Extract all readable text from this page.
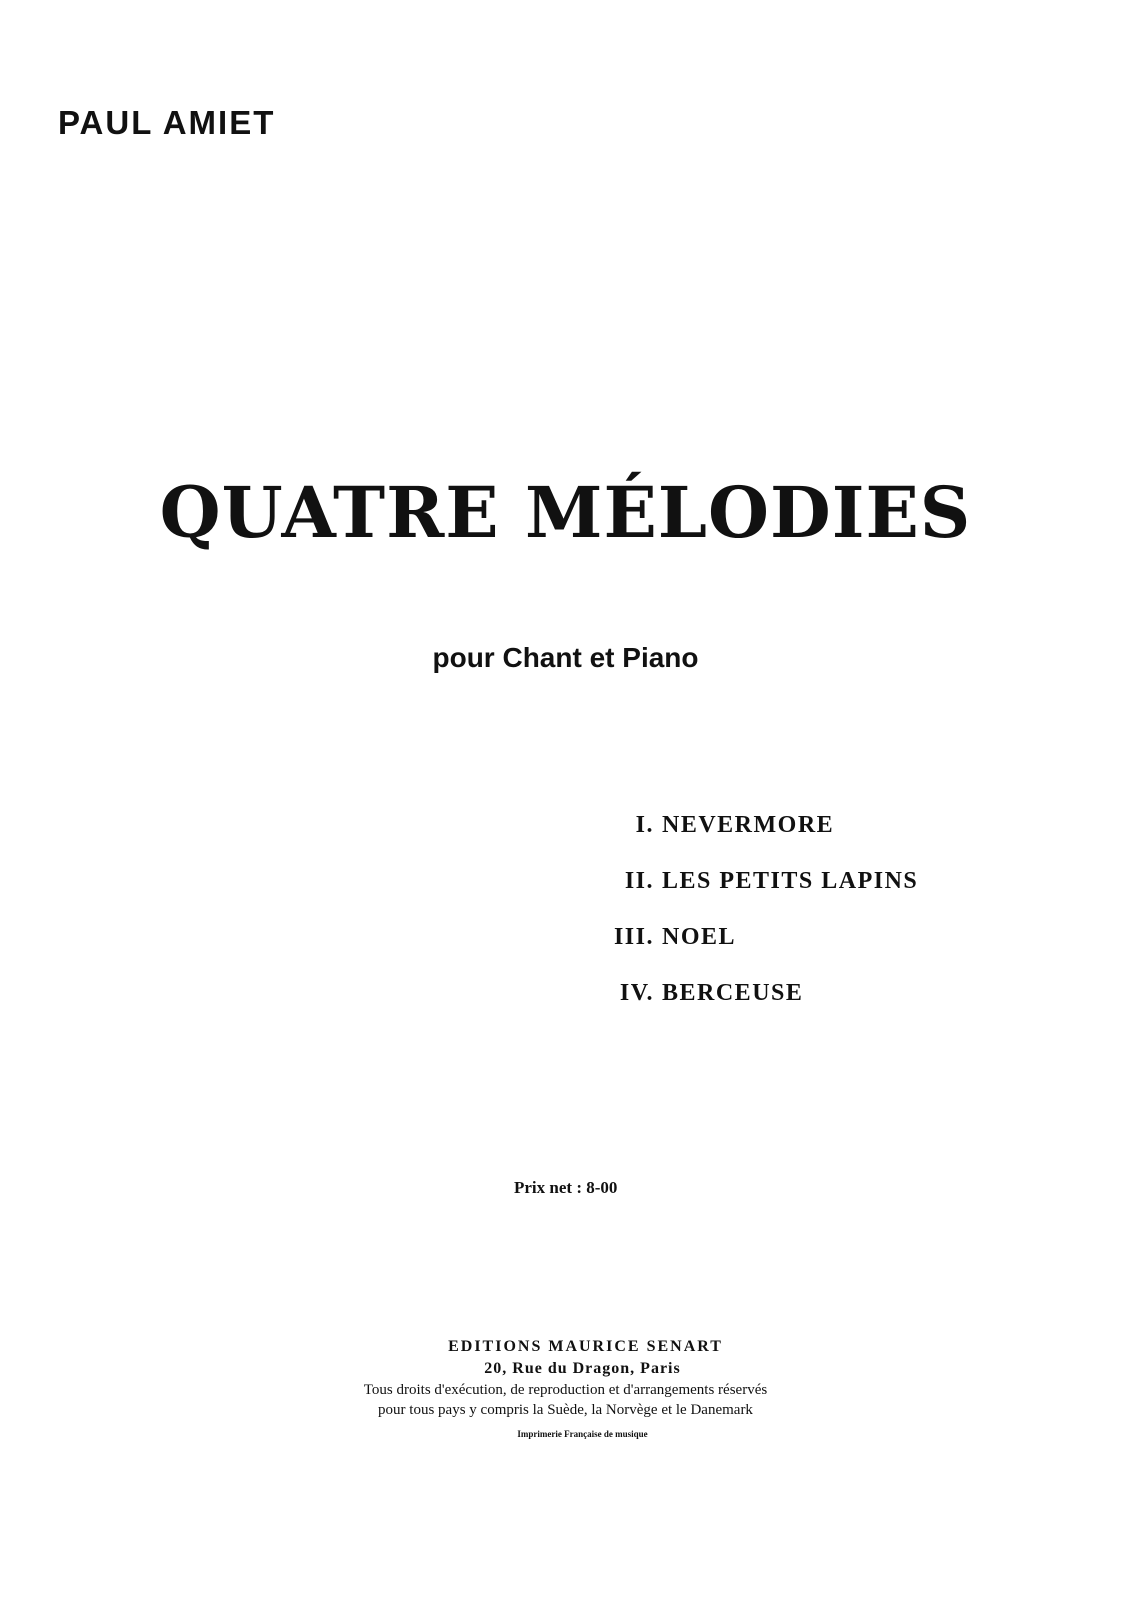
PAUL AMIET
QUATRE MÉLODIES
pour Chant et Piano
I. NEVERMORE
II. LES PETITS LAPINS
III. NOEL
IV. BERCEUSE
Prix net : 8-00
EDITIONS MAURICE SENART
20, Rue du Dragon, Paris
Tous droits d'exécution, de reproduction et d'arrangements réservés
pour tous pays y compris la Suède, la Norvège et le Danemark
Imprimerie Française de musique
